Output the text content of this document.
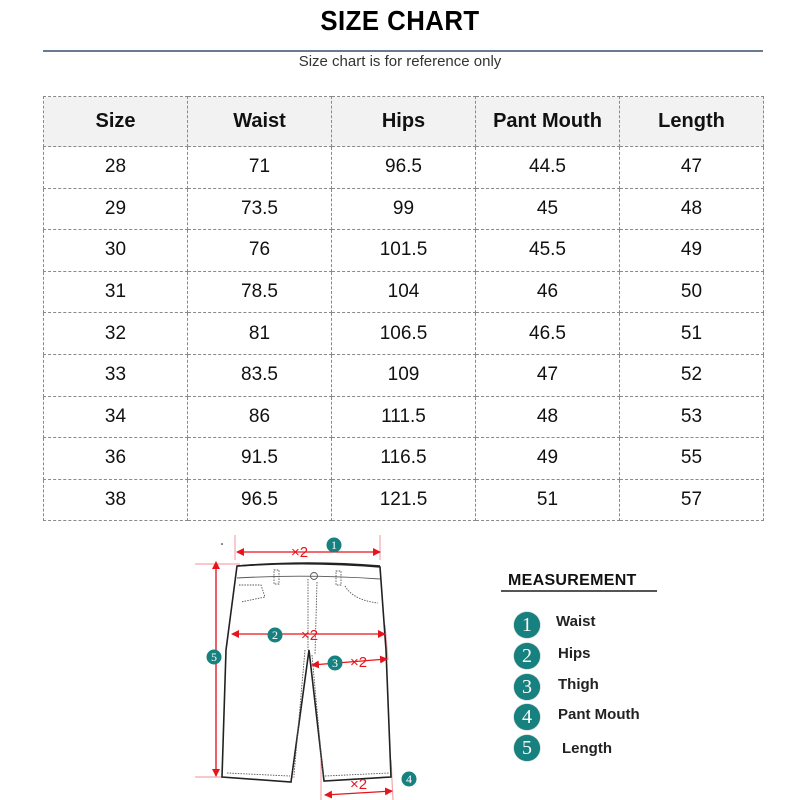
SIZE CHART
Size chart is for reference only
Size	Waist	Hips	Pant Mouth	Length
28	71	96.5	44.5	47
29	73.5	99	45	48
30	76	101.5	45.5	49
31	78.5	104	46	50
32	81	106.5	46.5	51
33	83.5	109	47	52
34	86	111.5	48	53
36	91.5	116.5	49	55
38	96.5	121.5	51	57
×2
×2
×2
×2
1
2
3
4
5
MEASUREMENT
1	Waist
2	Hips
3	Thigh
4	Pant Mouth
5	Length
